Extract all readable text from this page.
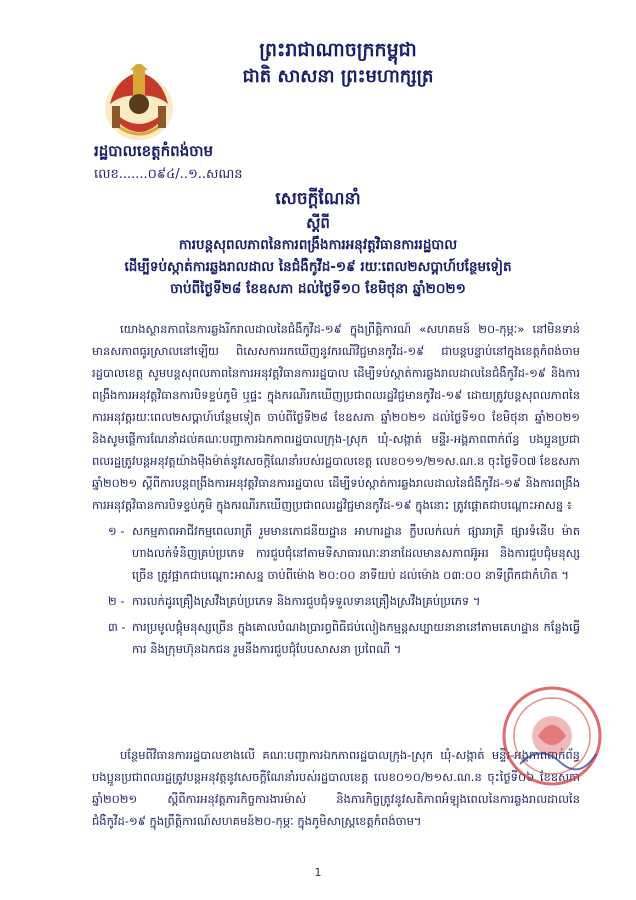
ព្រះរាជាណាចក្រកម្ពុជា
ជាតិ សាសនា ព្រះមហាក្សត្រ
រដ្ឋបាលខេត្តកំពង់ចាម
លេខ.......០៩៤/..១..សណន
សេចក្តីណែនាំ
ស្តីពី
ការបន្តសុពលភាពនៃការពង្រឹងការអនុវត្តវិធានការរដ្ឋបាល
ដើម្បីទប់ស្កាត់ការឆ្លងរាលដាល នៃជំងឺកូវីដ-១៩ រយៈពេល២សប្តាហ៍បន្ថែមទៀត
ចាប់ពីថ្ងៃទី២៨ ខែឧសភា ដល់ថ្ងៃទី១០ ខែមិថុនា ឆ្នាំ២០២១

យោងស្ថានភាពនៃការឆ្លងរីករាលដាលនៃជំងឺកូវីដ-១៩ ក្នុងព្រឹត្តិការណ៍ «សហគមន៍ ២០-កុម្ភៈ» នៅមិនទាន់មានសភាពធូរស្រាលនៅឡើយ ពិសេសការរកឃើញនូវករណីវិជ្ជមានកូវីដ-១៩ ជាបន្តបន្ទាប់នៅក្នុងខេត្តកំពង់ចាម រដ្ឋបាលខេត្ត សូមបន្តសុពលភាពនៃការអនុវត្តវិធានការរដ្ឋបាល ដើម្បីទប់ស្កាត់ការឆ្លងរាលដាលនៃជំងឺកូវីដ-១៩ និងការពង្រឹងការអនុវត្តវិធានការបិទខ្ទប់ភូមិ ឬផ្ទះ ក្នុងករណីរកឃើញប្រជាពលរដ្ឋវិជ្ជមានកូវីដ-១៩ ដោយត្រូវបន្តសុពលភាពនៃការអនុវត្តរយៈពេល២សប្តាហ៍បន្ថែមទៀត ចាប់ពីថ្ងៃទី២៨ ខែឧសភា ឆ្នាំ២០២១ ដល់ថ្ងៃទី១០ ខែមិថុនា ឆ្នាំ២០២១ និងសូមផ្តើការណែនាំដល់គណៈបញ្ជាការឯកភាពរដ្ឋបាលក្រុង-ស្រុក ឃុំ-សង្កាត់ មន្ទីរ-អង្គភាពពាក់ព័ន្ធ បងប្អូនប្រជាពលរដ្ឋត្រូវបន្តអនុវត្តយ៉ាងម៉ឺងម៉ាត់នូវសេចក្តីណែនាំរបស់រដ្ឋបាលខេត្ត លេខ០១១/២១ស.ណ.ន ចុះថ្ងៃទី០៧ ខែឧសភា ឆ្នាំ២០២១ ស្តីពីការបន្តពង្រឹងការអនុវត្តវិធានការរដ្ឋបាល ដើម្បីទប់ស្កាត់ការឆ្លងរាលដាលនៃជំងឺកូវីដ-១៩ និងការពង្រឹងការអនុវត្តវិធានការបិទខ្ទប់ភូមិ ក្នុងករណីរកឃើញប្រជាពលរដ្ឋវិជ្ជមានកូវីដ-១៩ ក្នុងនោះ ត្រូវផ្តោតជាបណ្តោះអាសន្ន ៖

១ - សកម្មភាពអាជីវកម្មពេលរាត្រី រួមមានភោជនីយដ្ឋាន អាហារដ្ឋាន ក្លឹបលក់លក់ ផ្សាររាត្រី ផ្សារទំនើប ម៉ាត ហាងលក់ទំនិញគ្រប់ប្រភេទ ការជួបជុំនៅតាមទីសាធារណៈនានាដែលមានសភាពអ៊ូអរ និងការជួបជុំមនុស្សច្រើន ត្រូវផ្អាកជាបណ្តោះអាសន្ន ចាប់ពីម៉ោង ២០:០០ នាទីយប់ ដល់ម៉ោង ០៣:០០ នាទីព្រឹកជាកំហិត ។
២ - ការលក់ដូរគ្រឿងស្រវឹងគ្រប់ប្រភេទ និងការជួបជុំទទួលទានគ្រឿងស្រវឹងគ្រប់ប្រភេទ ។
៣ - ការប្រមូលផ្តុំមនុស្សច្រើន ក្នុងគោលបំណងប្រារព្ធពិធីជប់លៀងកម្មន្តសប្បាយនានានៅតាមគេហដ្ឋាន កន្លែងធ្វើការ និងក្រុមហ៊ុនឯកជន រួមនឹងការជួបជុំបែបសាសនា ប្រពៃណី ។

បន្ថែមពីវិធានការរដ្ឋបាលខាងលើ គណៈបញ្ជាការឯកភាពរដ្ឋបាលក្រុង-ស្រុក ឃុំ-សង្កាត់ មន្ទីរ-អង្គភាពពាក់ព័ន្ធ បងប្អូនប្រជាពលរដ្ឋត្រូវបន្តអនុវត្តនូវសេចក្តីណែនាំរបស់រដ្ឋបាលខេត្ត លេខ០១០/២១ស.ណ.ន ចុះថ្ងៃទី០៦ ខែឧសភា ឆ្នាំ២០២១ ស្តីពីការអនុវត្តភារកិច្ចការងារម៉ាស់ និងភារកិច្ចត្រូវនូវសតិភាពអំឡុងពេលនៃការឆ្លងរាលដាលនៃជំងឺកូវីដ-១៩ ក្នុងព្រឹត្តិការណ៍សហគមន៍២០-កុម្ភៈ ក្នុងភូមិសាស្ត្រខេត្តកំពង់ចាម។

1
